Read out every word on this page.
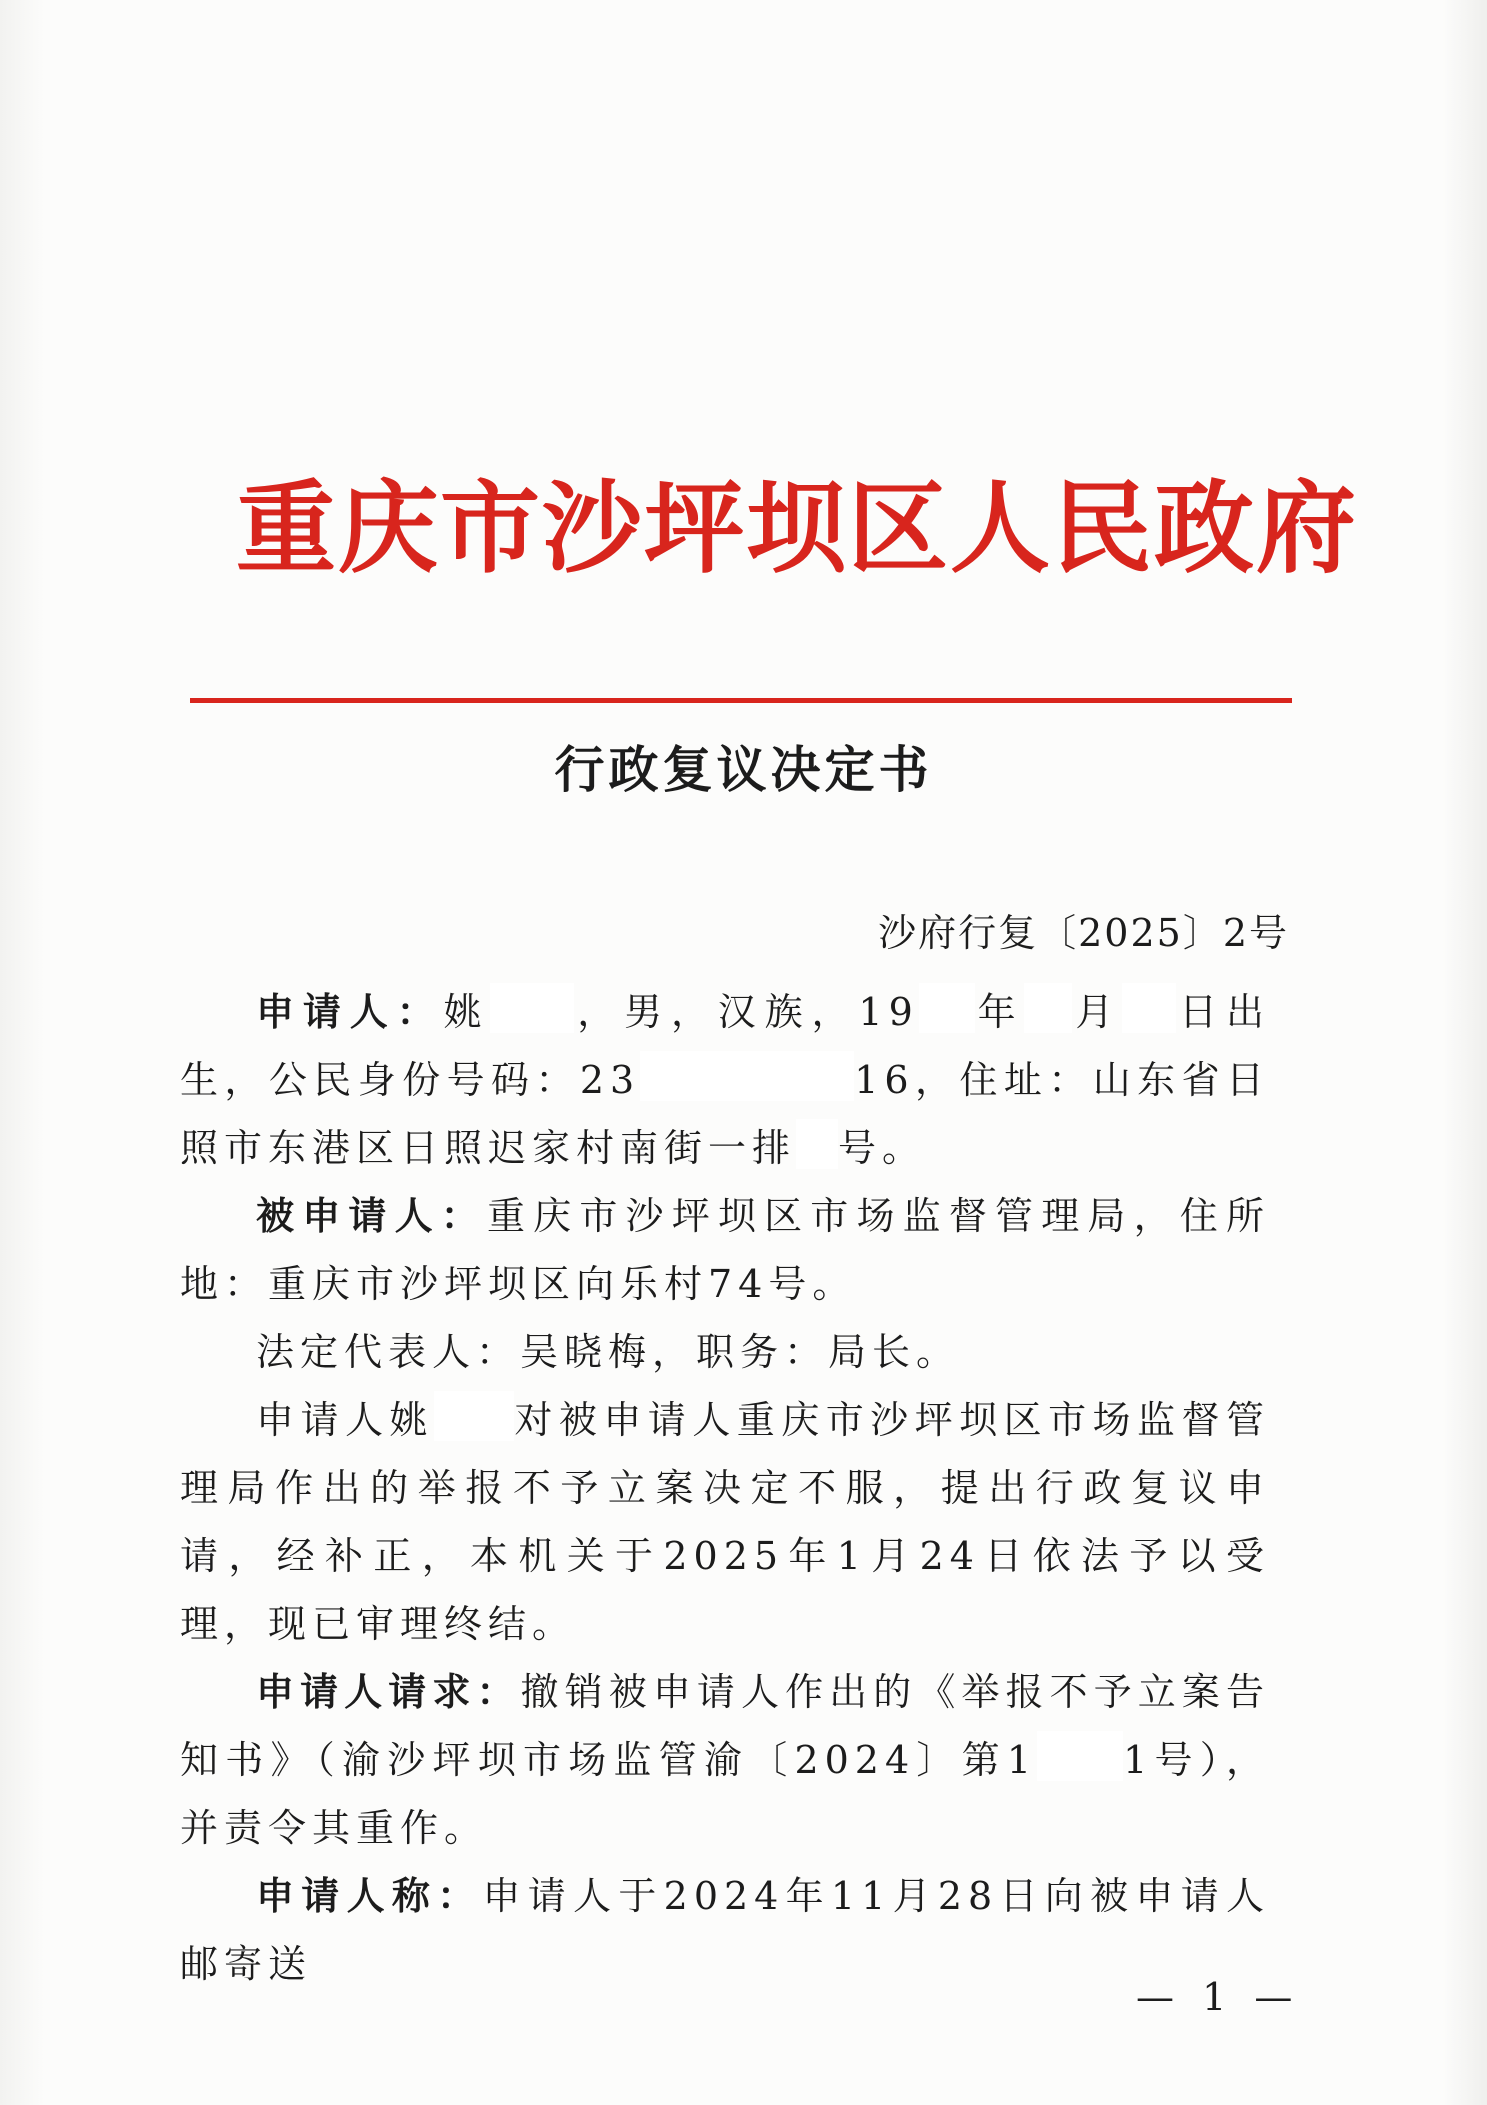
重庆市沙坪坝区人民政府
行政复议决定书
沙府行复〔2025〕2号

申请人：姚 ，男，汉族，19 年 月 日出生，公民身份号码：23	16，住址：山东省日照市东港区日照迟家村南街一排 号。

被申请人：重庆市沙坪坝区市场监督管理局，住所地：重庆市沙坪坝区向乐村74号。

法定代表人：吴晓梅，职务：局长。

申请人姚 对被申请人重庆市沙坪坝区市场监督管理局作出的举报不予立案决定不服，提出行政复议申请，经补正，本机关于2025年1月24日依法予以受理，现已审理终结。

申请人请求：撤销被申请人作出的《举报不予立案告知书》（渝沙坪坝市场监管渝〔2024〕第1 1号），并责令其重作。

申请人称：申请人于2024年11月28日向被申请人邮寄送

— 1 —
